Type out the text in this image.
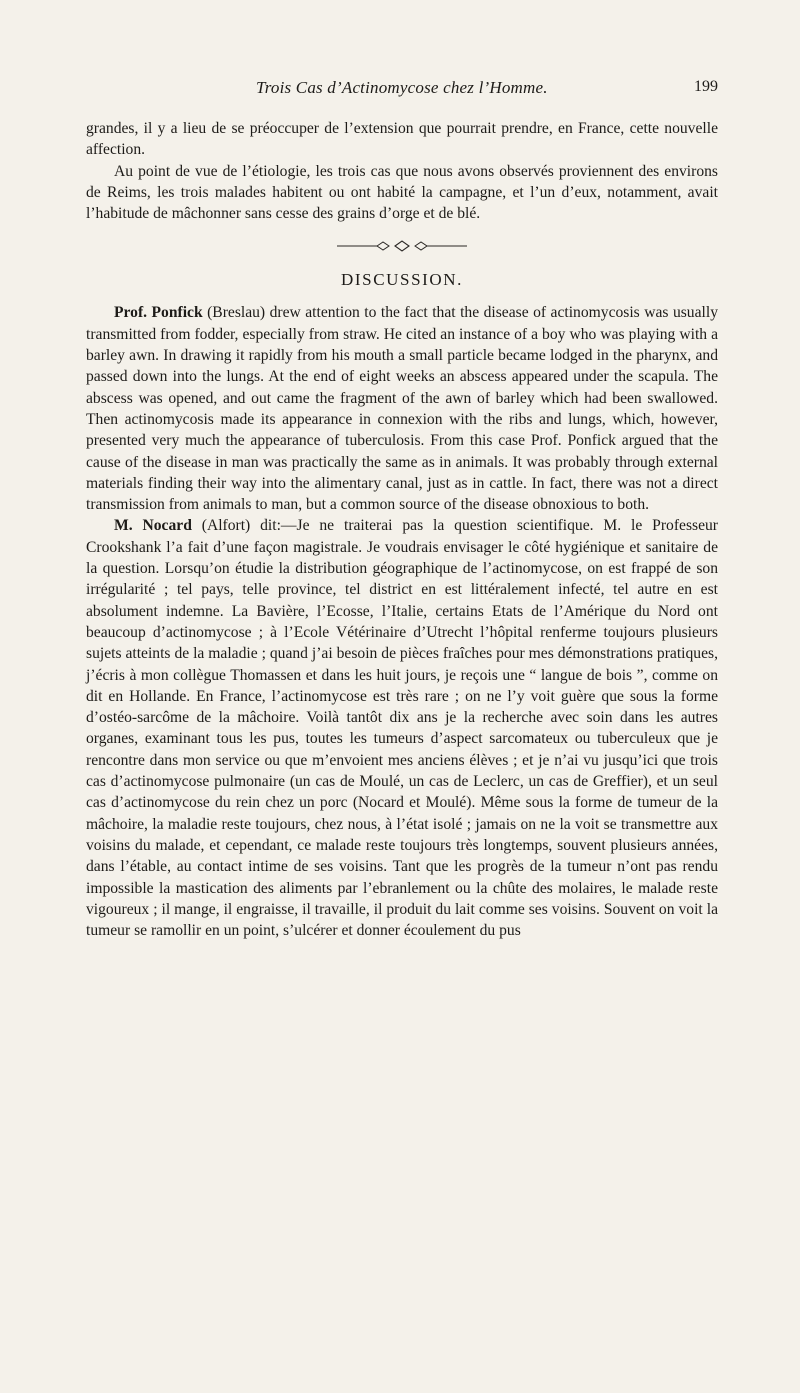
Trois Cas d’Actinomycose chez l’Homme.	199

grandes, il y a lieu de se préoccuper de l’extension que pourrait prendre, en France, cette nouvelle affection.

Au point de vue de l’étiologie, les trois cas que nous avons observés proviennent des environs de Reims, les trois malades habitent ou ont habité la campagne, et l’un d’eux, notamment, avait l’habitude de mâchonner sans cesse des grains d’orge et de blé.

DISCUSSION.

Prof. Ponfick (Breslau) drew attention to the fact that the disease of actinomycosis was usually transmitted from fodder, especially from straw. He cited an instance of a boy who was playing with a barley awn. In drawing it rapidly from his mouth a small particle became lodged in the pharynx, and passed down into the lungs. At the end of eight weeks an abscess appeared under the scapula. The abscess was opened, and out came the fragment of the awn of barley which had been swallowed. Then actinomycosis made its appearance in connexion with the ribs and lungs, which, however, presented very much the appearance of tuberculosis. From this case Prof. Ponfick argued that the cause of the disease in man was practically the same as in animals. It was probably through external materials finding their way into the alimentary canal, just as in cattle. In fact, there was not a direct transmission from animals to man, but a common source of the disease obnoxious to both.

M. Nocard (Alfort) dit:—Je ne traiterai pas la question scientifique. M. le Professeur Crookshank l’a fait d’une façon magistrale. Je voudrais envisager le côté hygiénique et sanitaire de la question. Lorsqu’on étudie la distribution géographique de l’actinomycose, on est frappé de son irrégularité ; tel pays, telle province, tel district en est littéralement infecté, tel autre en est absolument indemne. La Bavière, l’Ecosse, l’Italie, certains Etats de l’Amérique du Nord ont beaucoup d’actinomycose ; à l’Ecole Vétérinaire d’Utrecht l’hôpital renferme toujours plusieurs sujets atteints de la maladie ; quand j’ai besoin de pièces fraîches pour mes démonstrations pratiques, j’écris à mon collègue Thomassen et dans les huit jours, je reçois une “ langue de bois ”, comme on dit en Hollande. En France, l’actinomycose est très rare ; on ne l’y voit guère que sous la forme d’ostéo-sarcôme de la mâchoire. Voilà tantôt dix ans je la recherche avec soin dans les autres organes, examinant tous les pus, toutes les tumeurs d’aspect sarcomateux ou tuberculeux que je rencontre dans mon service ou que m’envoient mes anciens élèves ; et je n’ai vu jusqu’ici que trois cas d’actinomycose pulmonaire (un cas de Moulé, un cas de Leclerc, un cas de Greffier), et un seul cas d’actinomycose du rein chez un porc (Nocard et Moulé). Même sous la forme de tumeur de la mâchoire, la maladie reste toujours, chez nous, à l’état isolé ; jamais on ne la voit se transmettre aux voisins du malade, et cependant, ce malade reste toujours très longtemps, souvent plusieurs années, dans l’étable, au contact intime de ses voisins. Tant que les progrès de la tumeur n’ont pas rendu impossible la mastication des aliments par l’ebranlement ou la chûte des molaires, le malade reste vigoureux ; il mange, il engraisse, il travaille, il produit du lait comme ses voisins. Souvent on voit la tumeur se ramollir en un point, s’ulcérer et donner écoulement du pus
